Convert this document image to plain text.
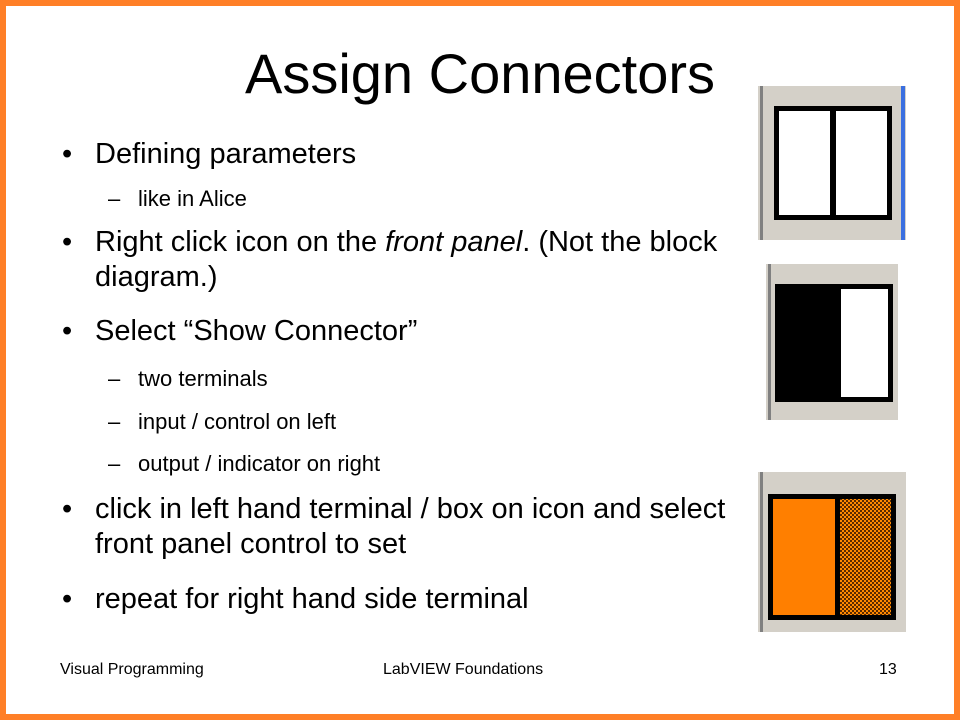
Assign Connectors
• Defining parameters
– like in Alice
• Right click icon on the front panel. (Not the block diagram.)
• Select “Show Connector”
– two terminals
– input / control on left
– output / indicator on right
• click in left hand terminal / box on icon and select front panel control to set
• repeat for right hand side terminal
Visual Programming	LabVIEW Foundations	13
